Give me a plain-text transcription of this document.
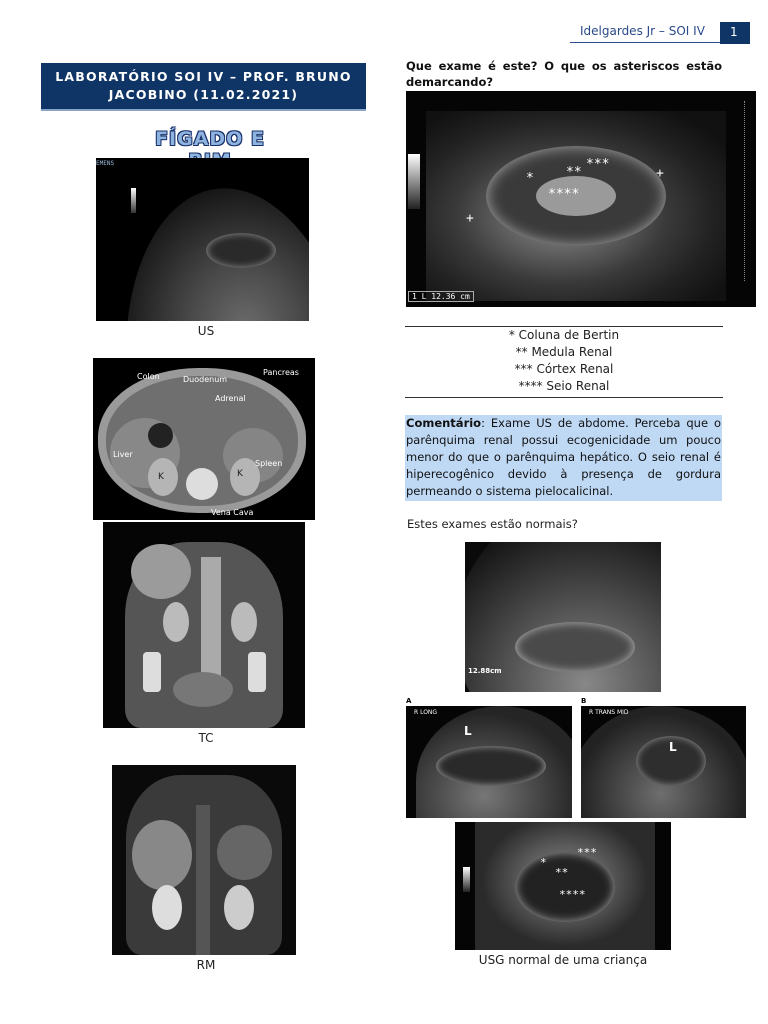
Idelgardes Jr – SOI IV 1
LABORATÓRIO SOI IV – PROF. BRUNO JACOBINO (11.02.2021)
FÍGADO E
EMENS
US
Colon	Duodenum
Pancreas
Adrenal
Liver
Spleen
K	K
Vena Cava
TC
RM
Que exame é este? O que os asteriscos estão demarcando?
* **
***
****
+
+
1 L 12.36 cm
* Coluna de Bertin
** Medula Renal
*** Córtex Renal
**** Seio Renal
Comentário: Exame US de abdome. Perceba que o parênquima renal possui ecogenicidade um pouco menor do que o parênquima hepático. O seio renal é hiperecogênico devido à presença de gordura permeando o sistema pielocalicinal.
Estes exames estão normais?
12.88cm
A
R LONG
L
B
R TRANS MID
L
*
**
***
****
USG normal de uma criança
